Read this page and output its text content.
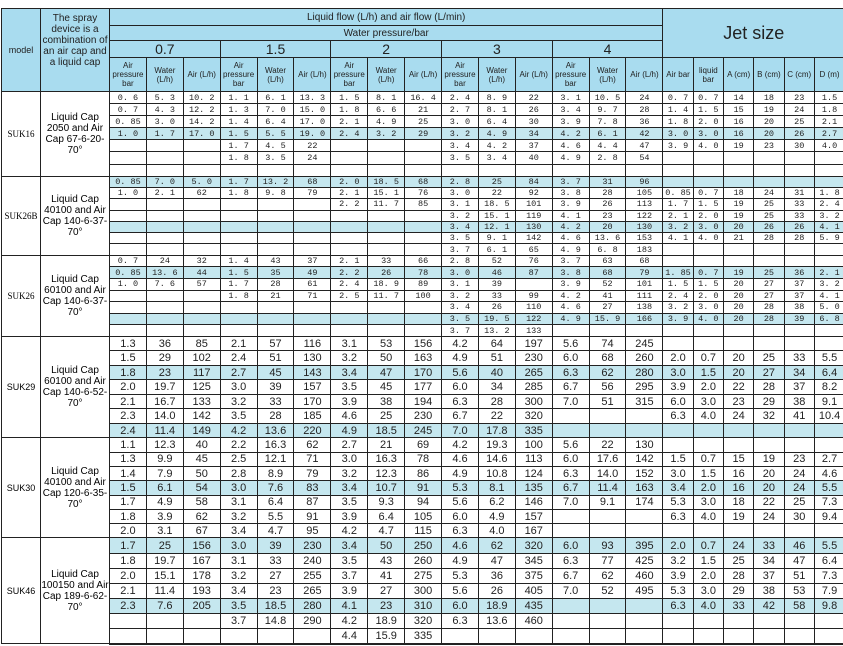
model	The spray device is a combination of an air cap and a liquid cap	Liquid flow (L/h) and air flow (L/min)															Jet size					
		Water pressure/bar																				
		0.7			1.5			2			3			4								
		Air pressure bar	Water (L/h)	Air (L/h)	Air pressure bar	Water (L/h)	Air (L/h)	Air pressure bar	Water (L/h)	Air (L/h)	Air pressure bar	Water (L/h)	Air (L/h)	Air pressure bar	Water (L/h)	Air (L/h)	Air bar	liquid bar	A (cm)	B (cm)	C (cm)	D (m)
SUK16	Liquid Cap 2050 and Air Cap 67-6-20-70°	0. 6	5. 3	10. 2	1. 1	6. 1	13. 3	1. 5	8. 1	16. 4	2. 4	8. 9	22	3. 1	10. 5	24	0. 7	0. 7	14	18	23	1.5
		0. 7	4. 3	12. 2	1. 3	7. 0	15. 0	1. 8	6. 6	21	2. 7	8. 1	26	3. 4	9. 7	28	1. 4	1. 5	15	19	24	1.8
		0. 85	3. 0	14. 2	1. 4	6. 4	17. 0	2. 1	4. 9	25	3. 0	6. 4	30	3. 9	7. 8	36	1. 8	2. 0	16	20	25	2.1
		1. 0	1. 7	17. 0	1. 5	5. 5	19. 0	2. 4	3. 2	29	3. 2	4. 9	34	4. 2	6. 1	42	3. 0	3. 0	16	20	26	2.7
					1. 7	4. 5	22				3. 4	4. 2	37	4. 6	4. 4	47	3. 9	4. 0	19	23	30	4.0
					1. 8	3. 5	24				3. 5	3. 4	40	4. 9	2. 8	54						

SUK26B	Liquid Cap 40100 and Air Cap 140-6-37-70°	0. 85	7. 0	5. 0	1. 7	13. 2	68	2. 0	18. 5	68	2. 8	25	84	3. 7	31	96						
		1. 0	2. 1	62	1. 8	9. 8	79	2. 1	15. 1	76	3. 0	22	92	3. 8	28	105	0. 85	0. 7	18	24	31	1. 8
								2. 2	11. 7	85	3. 1	18. 5	101	3. 9	26	113	1. 7	1. 5	19	25	33	2. 4
											3. 2	15. 1	119	4. 1	23	122	2. 1	2. 0	19	25	33	3. 2
											3. 4	12. 1	130	4. 2	20	130	3. 2	3. 0	20	26	26	4. 1
											3. 5	9. 1	142	4. 6	13. 6	153	4. 1	4. 0	21	28	28	5. 9
											3. 7	6. 1	65	4. 9	6. 8	183						
SUK26	Liquid Cap 60100 and Air Cap 140-6-37-70°	0. 7	24	32	1. 4	43	37	2. 1	33	66	2. 8	52	76	3. 7	63	68						
		0. 85	13. 6	44	1. 5	35	49	2. 2	26	78	3. 0	46	87	3. 8	68	79	1. 85	0. 7	19	25	36	2. 1
		1. 0	7. 6	57	1. 7	28	61	2. 4	18. 9	89	3. 1	39		3. 9	52	101	1. 5	1. 5	20	27	37	3. 2
					1. 8	21	71	2. 5	11. 7	100	3. 2	33	99	4. 2	41	111	2. 4	2. 0	20	27	37	4. 1
											3. 4	26	110	4. 6	27	138	3. 2	3. 0	20	28	38	5. 0
											3. 5	19. 5	122	4. 9	15. 9	166	3. 9	4. 0	20	28	39	6. 8
											3. 7	13. 2	133									
SUK29	Liquid Cap 60100 and Air Cap 140-6-52-70°	1.3	36	85	2.1	57	116	3.1	53	156	4.2	64	197	5.6	74	245						
		1.5	29	102	2.4	51	130	3.2	50	163	4.9	51	230	6.0	68	260	2.0	0.7	20	25	33	5.5
		1.8	23	117	2.7	45	143	3.4	47	170	5.6	40	265	6.3	62	280	3.0	1.5	20	27	34	6.4
		2.0	19.7	125	3.0	39	157	3.5	45	177	6.0	34	285	6.7	56	295	3.9	2.0	22	28	37	8.2
		2.1	16.7	133	3.2	33	170	3.9	38	194	6.3	28	300	7.0	51	315	6.0	3.0	23	29	38	9.1
		2.3	14.0	142	3.5	28	185	4.6	25	230	6.7	22	320				6.3	4.0	24	32	41	10.4
		2.4	11.4	149	4.2	13.6	220	4.9	18.5	245	7.0	17.8	335									
SUK30	Liquid Cap 40100 and Air Cap 120-6-35-70°	1.1	12.3	40	2.2	16.3	62	2.7	21	69	4.2	19.3	100	5.6	22	130						
		1.3	9.9	45	2.5	12.1	71	3.0	16.3	78	4.6	14.6	113	6.0	17.6	142	1.5	0.7	15	19	23	2.7
		1.4	7.9	50	2.8	8.9	79	3.2	12.3	86	4.9	10.8	124	6.3	14.0	152	3.0	1.5	16	20	24	4.6
		1.5	6.1	54	3.0	7.6	83	3.4	10.7	91	5.3	8.1	135	6.7	11.4	163	3.4	2.0	16	20	24	5.5
		1.7	4.9	58	3.1	6.4	87	3.5	9.3	94	5.6	6.2	146	7.0	9.1	174	5.3	3.0	18	22	25	7.3
		1.8	3.9	62	3.2	5.5	91	3.9	6.4	105	6.0	4.9	157				6.3	4.0	19	24	30	9.4
		2.0	3.1	67	3.4	4.7	95	4.2	4.7	115	6.3	4.0	167									
SUK46	Liquid Cap 100150 and Air Cap 189-6-62-70°	1.7	25	156	3.0	39	230	3.4	50	250	4.6	62	320	6.0	93	395	2.0	0.7	24	33	46	5.5
		1.8	19.7	167	3.1	33	240	3.5	43	260	4.9	47	345	6.3	77	425	3.2	1.5	25	34	47	6.4
		2.0	15.1	178	3.2	27	255	3.7	41	275	5.3	36	375	6.7	62	460	3.9	2.0	28	37	51	7.3
		2.1	11.4	193	3.4	23	265	3.9	27	300	5.6	26	405	7.0	52	495	5.3	3.0	29	38	53	7.9
		2.3	7.6	205	3.5	18.5	280	4.1	23	310	6.0	18.9	435				6.3	4.0	33	42	58	9.8
					3.7	14.8	290	4.2	18.9	320	6.3	13.6	460									
								4.4	15.9	335												
